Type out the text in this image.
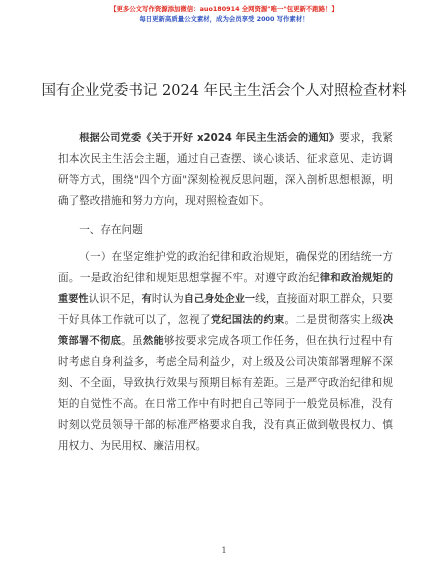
【更多公文写作资源添加微信：auo180914 全网资源"唯一"包更新不跑路！】
每日更新高质量公文素材，成为会员享受 2000 写作素材！
国有企业党委书记 2024 年民主生活会个人对照检查材料

根据公司党委《关于开好 x2024 年民主生活会的通知》要求，我紧扣本次民主生活会主题，通过自己查摆、谈心谈话、征求意见、走访调研等方式，围绕"四个方面"深刻检视反思问题，深入剖析思想根源，明确了整改措施和努力方向，现对照检查如下。

一、存在问题

（一）在坚定维护党的政治纪律和政治规矩，确保党的团结统一方面。一是政治纪律和规矩思想掌握不牢。对遵守政治纪律和政治规矩的重要性认识不足，有时认为自己身处企业一线，直接面对职工群众，只要干好具体工作就可以了，忽视了党纪国法的约束。二是贯彻落实上级决策部署不彻底。虽然能够按要求完成各项工作任务，但在执行过程中有时考虑自身利益多，考虑全局利益少，对上级及公司决策部署理解不深刻、不全面，导致执行效果与预期目标有差距。三是严守政治纪律和规矩的自觉性不高。在日常工作中有时把自己等同于一般党员标准，没有时刻以党员领导干部的标准严格要求自我，没有真正做到敬畏权力、慎用权力、为民用权、廉洁用权。

1
